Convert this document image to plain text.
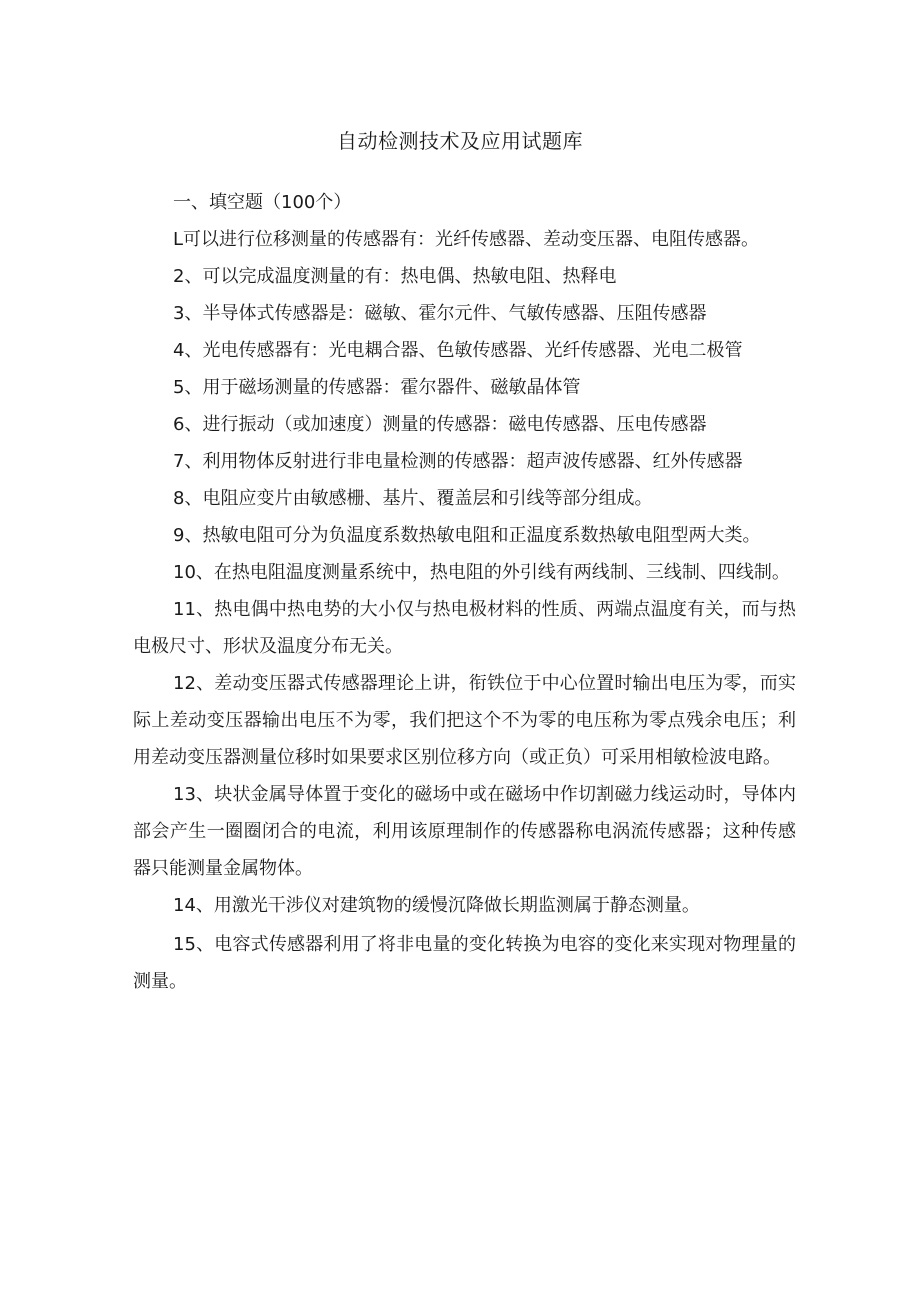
自动检测技术及应用试题库

一、填空题（100个）

L可以进行位移测量的传感器有：光纤传感器、差动变压器、电阻传感器。

2、可以完成温度测量的有：热电偶、热敏电阻、热释电

3、半导体式传感器是：磁敏、霍尔元件、气敏传感器、压阻传感器

4、光电传感器有：光电耦合器、色敏传感器、光纤传感器、光电二极管

5、用于磁场测量的传感器：霍尔器件、磁敏晶体管

6、进行振动（或加速度）测量的传感器：磁电传感器、压电传感器

7、利用物体反射进行非电量检测的传感器：超声波传感器、红外传感器

8、电阻应变片由敏感栅、基片、覆盖层和引线等部分组成。

9、热敏电阻可分为负温度系数热敏电阻和正温度系数热敏电阻型两大类。

10、在热电阻温度测量系统中，热电阻的外引线有两线制、三线制、四线制。

11、热电偶中热电势的大小仅与热电极材料的性质、两端点温度有关，而与热电极尺寸、形状及温度分布无关。

12、差动变压器式传感器理论上讲，衔铁位于中心位置时输出电压为零，而实际上差动变压器输出电压不为零，我们把这个不为零的电压称为零点残余电压；利用差动变压器测量位移时如果要求区别位移方向（或正负）可采用相敏检波电路。

13、块状金属导体置于变化的磁场中或在磁场中作切割磁力线运动时，导体内部会产生一圈圈闭合的电流，利用该原理制作的传感器称电涡流传感器；这种传感器只能测量金属物体。

14、用激光干涉仪对建筑物的缓慢沉降做长期监测属于静态测量。

15、电容式传感器利用了将非电量的变化转换为电容的变化来实现对物理量的测量。
